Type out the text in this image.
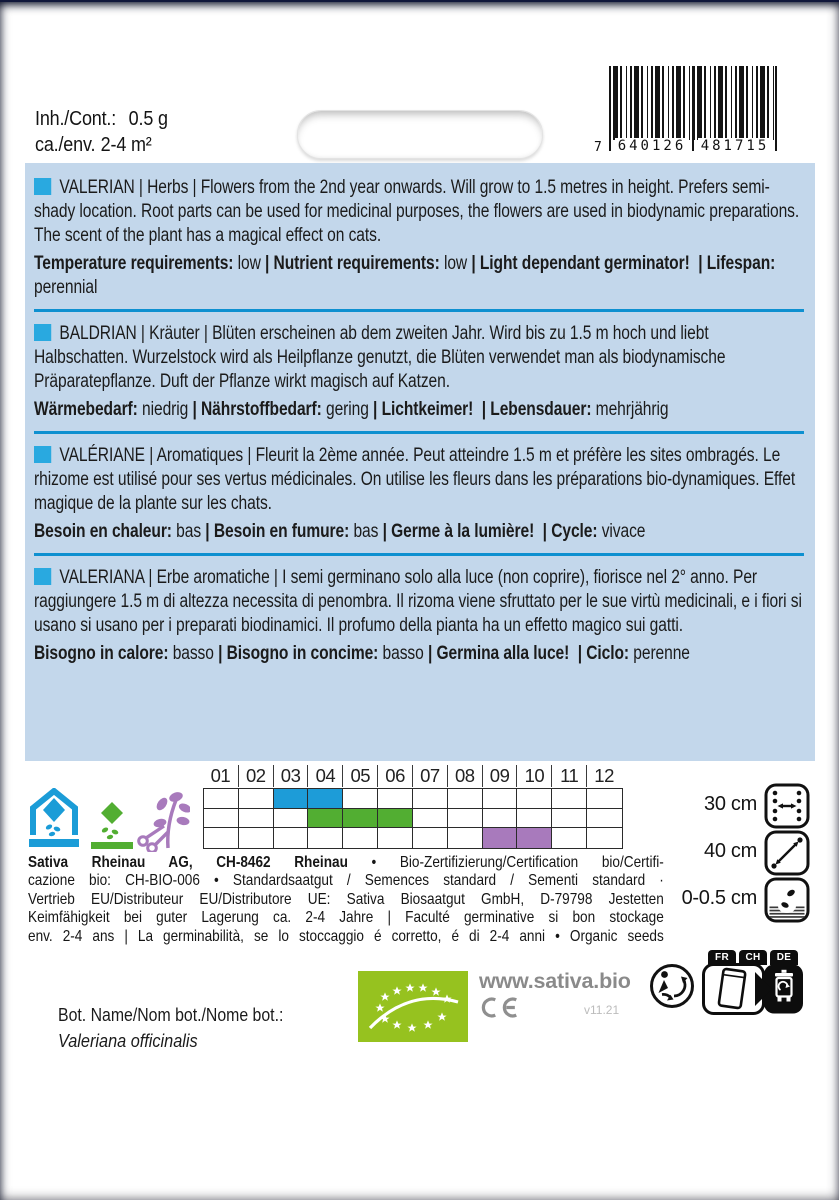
Inh./Cont.: 0.5 g
ca./env. 2-4 m²	7 640126 481715
VALERIAN | Herbs | Flowers from the 2nd year onwards. Will grow to 1.5 metres in height. Prefers semi-shady location. Root parts can be used for medicinal purposes, the flowers are used in biodynamic preparations. The scent of the plant has a magical effect on cats.
Temperature requirements: low | Nutrient requirements: low | Light dependant germinator!  | Lifespan: perennial
BALDRIAN | Kräuter | Blüten erscheinen ab dem zweiten Jahr. Wird bis zu 1.5 m hoch und liebt Halbschatten. Wurzelstock wird als Heilpflanze genutzt, die Blüten verwendet man als biodynamische Präparatepflanze. Duft der Pflanze wirkt magisch auf Katzen.
Wärmebedarf: niedrig | Nährstoffbedarf: gering | Lichtkeimer!  | Lebensdauer: mehrjährig
VALÉRIANE | Aromatiques | Fleurit la 2ème année. Peut atteindre 1.5 m et préfère les sites ombragés. Le rhizome est utilisé pour ses vertus médicinales. On utilise les fleurs dans les préparations bio-dynamiques. Effet magique de la plante sur les chats.
Besoin en chaleur: bas | Besoin en fumure: bas | Germe à la lumière!  | Cycle: vivace
VALERIANA | Erbe aromatiche | I semi germinano solo alla luce (non coprire), fiorisce nel 2° anno. Per raggiungere 1.5 m di altezza necessita di penombra. Il rizoma viene sfruttato per le sue virtù medicinali, e i fiori si usano si usano per i preparati biodinamici. Il profumo della pianta ha un effetto magico sui gatti.
Bisogno in calore: basso | Bisogno in concime: basso | Germina alla luce!  | Ciclo: perenne
01 02 03 04 05 06 07 08 09 10 11 12
30 cm
40 cm
0-0.5 cm
Sativa Rheinau AG, CH-8462 Rheinau • Bio-Zertifizierung/Certification bio/Certifi-
cazione bio: CH-BIO-006 • Standardsaatgut / Semences standard / Sementi standard ·
Vertrieb EU/Distributeur EU/Distributore UE: Sativa Biosaatgut GmbH, D-79798 Jestetten
Keimfähigkeit bei guter Lagerung ca. 2-4 Jahre | Faculté germinative si bon stockage
env. 2-4 ans | La germinabilità, se lo stoccaggio é corretto, é di 2-4 anni • Organic seeds
www.sativa.bio
v11.21
FR	CH	DE
Bot. Name/Nom bot./Nome bot.:
Valeriana officinalis
